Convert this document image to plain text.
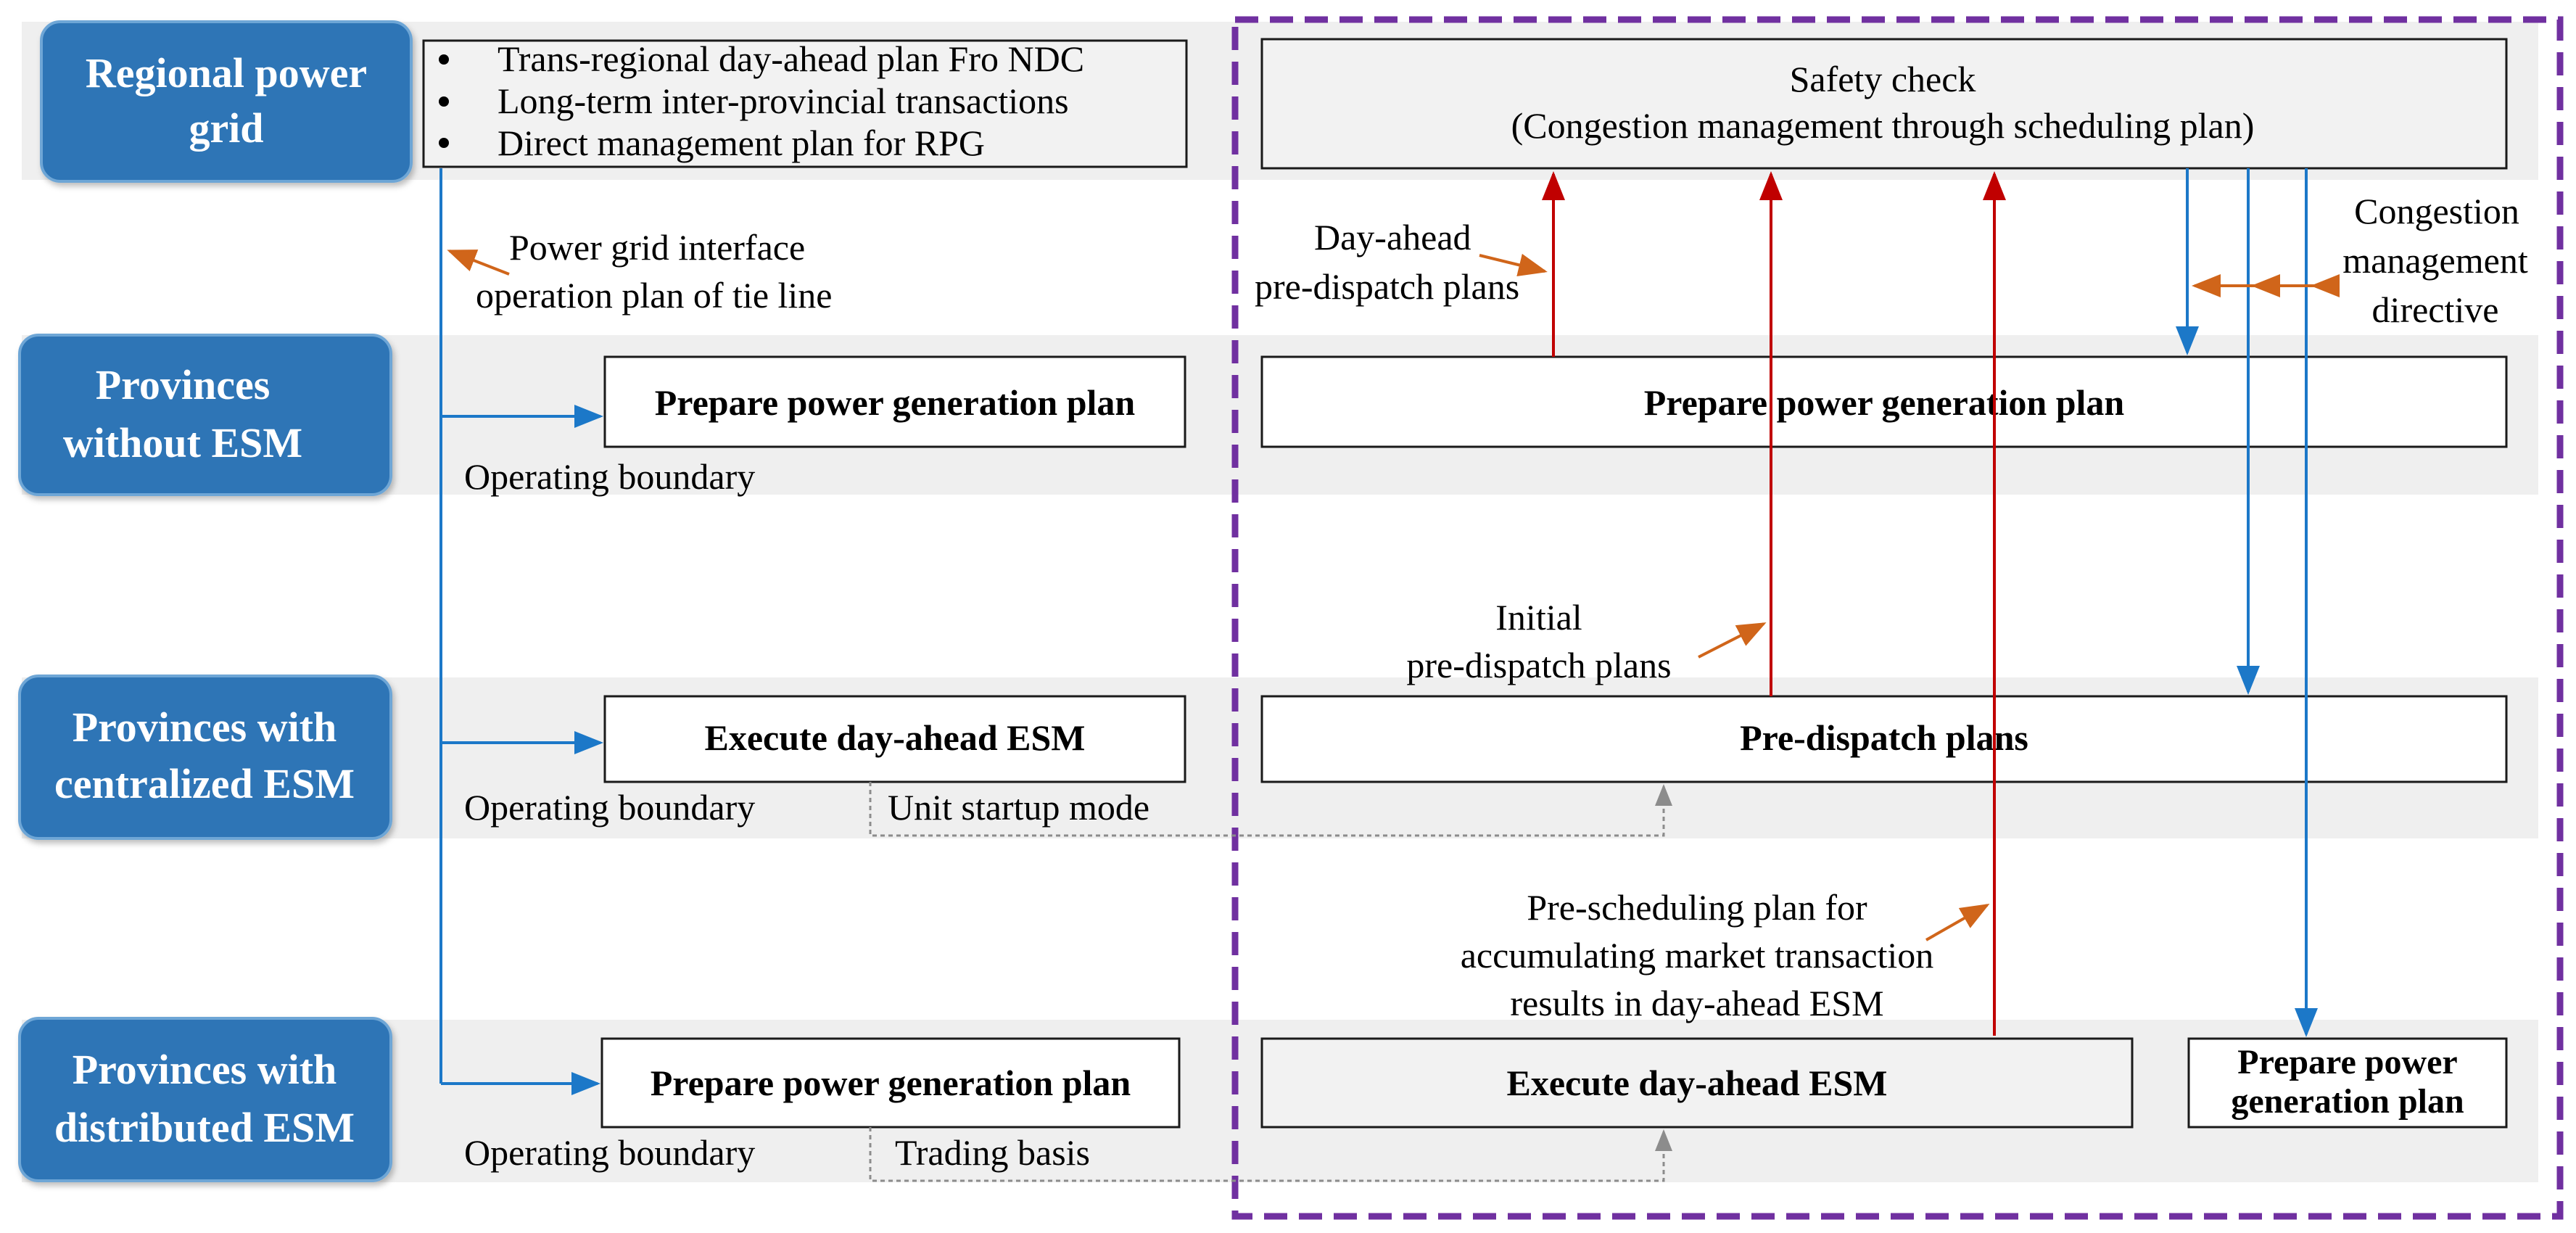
Regional power
grid
Provinces
without ESM
Provinces with
centralized ESM
Provinces with
distributed ESM
Trans-regional day-ahead plan Fro NDC
Long-term inter-provincial transactions
Direct management plan for RPG
Prepare power generation plan
Execute day-ahead ESM
Prepare power generation plan
Safety check
(Congestion management through scheduling plan)
Prepare power generation plan
Pre-dispatch plans
Execute day-ahead ESM
Prepare power
generation plan
Power grid interface
operation plan of tie line
Operating boundary
Operating boundary
Operating boundary
Unit startup mode
Trading basis
Day-ahead
pre-dispatch plans
Initial
pre-dispatch plans
Pre-scheduling plan for
accumulating market transaction
results in day-ahead ESM
Congestion
management
directive
